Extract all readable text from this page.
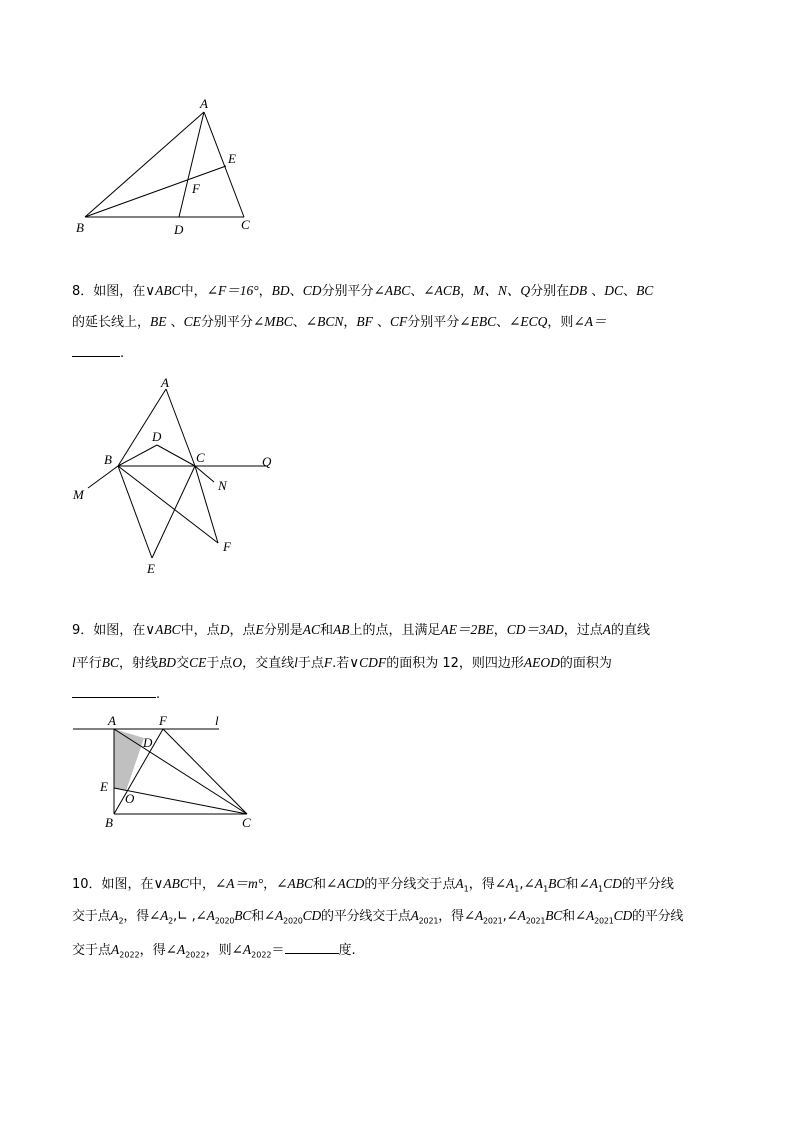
A
E
F
B	D	C
8．如图，在∨ABC中，∠F＝16°，BD、CD分别平分∠ABC、∠ACB，M、N、Q分别在DB 、DC、BC
的延长线上，BE 、CE分别平分∠MBC、∠BCN，BF 、CF分别平分∠EBC、∠ECQ，则∠A＝
.
A
D
B	C	Q
M
N
F
E
9．如图，在∨ABC中，点D，点E分别是AC和AB上的点，且满足AE＝2BE，CD＝3AD，过点A的直线
l平行BC，射线BD交CE于点O，交直线l于点F.若∨CDF的面积为 12，则四边形AEOD的面积为
.
A	F	l
D
E
O
B	C
10．如图，在∨ABC中，∠A＝m°，∠ABC和∠ACD的平分线交于点$A_1$，得$\angle A_1,\angle A_1BC$和$\angle A_1CD$的平分线
交于点$A_2$，得$\angle A_2,∟$ $,\angle A_{2020}BC$和$\angle A_{2020}CD$的平分线交于点$A_{2021}$，得$\angle A_{2021},\angle A_{2021}BC$和$\angle A_{2021}CD$的平分线
交于点$A_{2022}$，得$\angle A_{2022}$，则$\angle A_{2022}=$	度.
